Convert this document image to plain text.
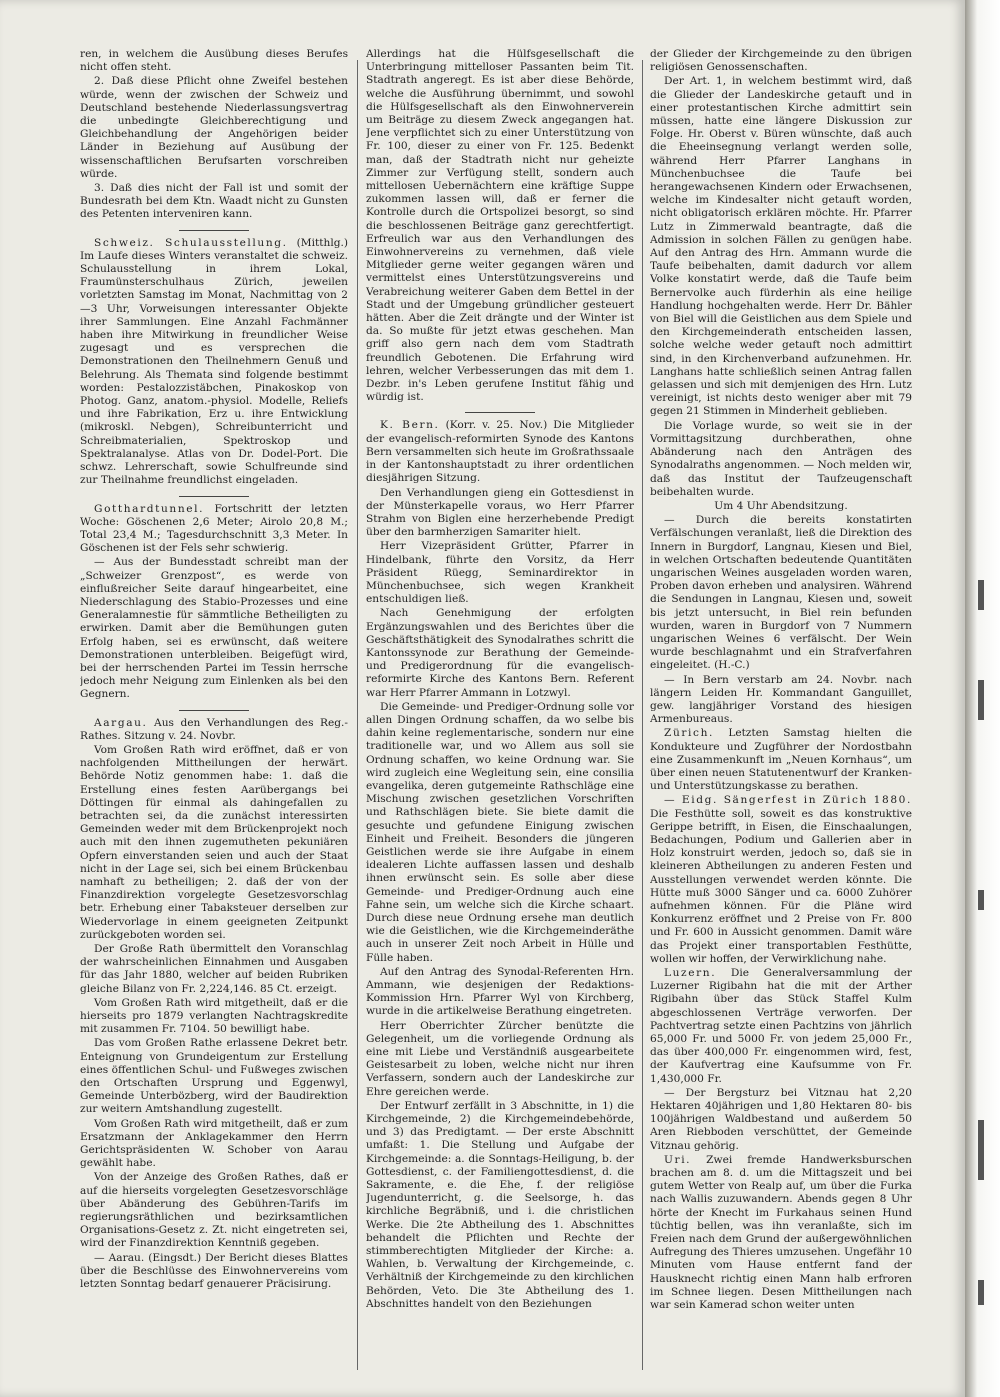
ren, in welchem die Ausübung dieses Berufes nicht offen steht.

2. Daß diese Pflicht ohne Zweifel bestehen würde, wenn der zwischen der Schweiz und Deutschland bestehende Niederlassungsvertrag die unbedingte Gleichberechtigung und Gleichbehandlung der Angehörigen beider Länder in Beziehung auf Ausübung der wissenschaftlichen Berufsarten vorschreiben würde.

3. Daß dies nicht der Fall ist und somit der Bundesrath bei dem Ktn. Waadt nicht zu Gunsten des Petenten interveniren kann.

Schweiz. Schulausstellung. (Mitthlg.) Im Laufe dieses Winters veranstaltet die schweiz. Schulausstellung in ihrem Lokal, Fraumünsterschulhaus Zürich, jeweilen vorletzten Samstag im Monat, Nachmittag von 2—3 Uhr, Vorweisungen interessanter Objekte ihrer Sammlungen. Eine Anzahl Fachmänner haben ihre Mitwirkung in freundlicher Weise zugesagt und es versprechen die Demonstrationen den Theilnehmern Genuß und Belehrung. Als Themata sind folgende bestimmt worden: Pestalozzistäbchen, Pinakoskop von Photog. Ganz, anatom.-physiol. Modelle, Reliefs und ihre Fabrikation, Erz u. ihre Entwicklung (mikroskl. Nebgen), Schreibunterricht und Schreibmaterialien, Spektroskop und Spektralanalyse. Atlas von Dr. Dodel-Port. Die schwz. Lehrerschaft, sowie Schulfreunde sind zur Theilnahme freundlichst eingeladen.

Gotthardtunnel. Fortschritt der letzten Woche: Göschenen 2,6 Meter; Airolo 20,8 M.; Total 23,4 M.; Tagesdurchschnitt 3,3 Meter. In Göschenen ist der Fels sehr schwierig.

— Aus der Bundesstadt schreibt man der „Schweizer Grenzpost“, es werde von einflußreicher Seite darauf hingearbeitet, eine Niederschlagung des Stabio-Prozesses und eine Generalamnestie für sämmtliche Betheiligten zu erwirken. Damit aber die Bemühungen guten Erfolg haben, sei es erwünscht, daß weitere Demonstrationen unterbleiben. Beigefügt wird, bei der herrschenden Partei im Tessin herrsche jedoch mehr Neigung zum Einlenken als bei den Gegnern.

Aargau. Aus den Verhandlungen des Reg.-Rathes. Sitzung v. 24. Novbr.

Vom Großen Rath wird eröffnet, daß er von nachfolgenden Mittheilungen der herwärt. Behörde Notiz genommen habe: 1. daß die Erstellung eines festen Aarübergangs bei Döttingen für einmal als dahingefallen zu betrachten sei, da die zunächst interessirten Gemeinden weder mit dem Brückenprojekt noch auch mit den ihnen zugemutheten pekuniären Opfern einverstanden seien und auch der Staat nicht in der Lage sei, sich bei einem Brückenbau namhaft zu betheiligen; 2. daß der von der Finanzdirektion vorgelegte Gesetzesvorschlag betr. Erhebung einer Tabaksteuer derselben zur Wiedervorlage in einem geeigneten Zeitpunkt zurückgeboten worden sei.

Der Große Rath übermittelt den Voranschlag der wahrscheinlichen Einnahmen und Ausgaben für das Jahr 1880, welcher auf beiden Rubriken gleiche Bilanz von Fr. 2,224,146. 85 Ct. erzeigt.

Vom Großen Rath wird mitgetheilt, daß er die hierseits pro 1879 verlangten Nachtragskredite mit zusammen Fr. 7104. 50 bewilligt habe.

Das vom Großen Rathe erlassene Dekret betr. Enteignung von Grundeigentum zur Erstellung eines öffentlichen Schul- und Fußweges zwischen den Ortschaften Ursprung und Eggenwyl, Gemeinde Unterbözberg, wird der Baudirektion zur weitern Amtshandlung zugestellt.

Vom Großen Rath wird mitgetheilt, daß er zum Ersatzmann der Anklagekammer den Herrn Gerichtspräsidenten W. Schober von Aarau gewählt habe.

Von der Anzeige des Großen Rathes, daß er auf die hierseits vorgelegten Gesetzesvorschläge über Abänderung des Gebühren-Tarifs im regierungsräthlichen und bezirksamtlichen Organisations-Gesetz z. Zt. nicht eingetreten sei, wird der Finanzdirektion Kenntniß gegeben.

— Aarau. (Eingsdt.) Der Bericht dieses Blattes über die Beschlüsse des Einwohnervereins vom letzten Sonntag bedarf genauerer Präcisirung.

Allerdings hat die Hülfsgesellschaft die Unterbringung mittelloser Passanten beim Tit. Stadtrath angeregt. Es ist aber diese Behörde, welche die Ausführung übernimmt, und sowohl die Hülfsgesellschaft als den Einwohnerverein um Beiträge zu diesem Zweck angegangen hat. Jene verpflichtet sich zu einer Unterstützung von Fr. 100, dieser zu einer von Fr. 125. Bedenkt man, daß der Stadtrath nicht nur geheizte Zimmer zur Verfügung stellt, sondern auch mittellosen Uebernächtern eine kräftige Suppe zukommen lassen will, daß er ferner die Kontrolle durch die Ortspolizei besorgt, so sind die beschlossenen Beiträge ganz gerechtfertigt. Erfreulich war aus den Verhandlungen des Einwohnervereins zu vernehmen, daß viele Mitglieder gerne weiter gegangen wären und vermittelst eines Unterstützungsvereins und Verabreichung weiterer Gaben dem Bettel in der Stadt und der Umgebung gründlicher gesteuert hätten. Aber die Zeit drängte und der Winter ist da. So mußte für jetzt etwas geschehen. Man griff also gern nach dem vom Stadtrath freundlich Gebotenen. Die Erfahrung wird lehren, welcher Verbesserungen das mit dem 1. Dezbr. in's Leben gerufene Institut fähig und würdig ist.

K. Bern. (Korr. v. 25. Nov.) Die Mitglieder der evangelisch-reformirten Synode des Kantons Bern versammelten sich heute im Großrathssaale in der Kantonshauptstadt zu ihrer ordentlichen diesjährigen Sitzung.

Den Verhandlungen gieng ein Gottesdienst in der Münsterkapelle voraus, wo Herr Pfarrer Strahm von Biglen eine herzerhebende Predigt über den barmherzigen Samariter hielt.

Herr Vizepräsident Grütter, Pfarrer in Hindelbank, führte den Vorsitz, da Herr Präsident Rüegg, Seminardirektor in Münchenbuchsee, sich wegen Krankheit entschuldigen ließ.

Nach Genehmigung der erfolgten Ergänzungswahlen und des Berichtes über die Geschäftsthätigkeit des Synodalrathes schritt die Kantonssynode zur Berathung der Gemeinde- und Predigerordnung für die evangelisch-reformirte Kirche des Kantons Bern. Referent war Herr Pfarrer Ammann in Lotzwyl.

Die Gemeinde- und Prediger-Ordnung solle vor allen Dingen Ordnung schaffen, da wo selbe bis dahin keine reglementarische, sondern nur eine traditionelle war, und wo Allem aus soll sie Ordnung schaffen, wo keine Ordnung war. Sie wird zugleich eine Wegleitung sein, eine consilia evangelika, deren gutgemeinte Rathschläge eine Mischung zwischen gesetzlichen Vorschriften und Rathschlägen biete. Sie biete damit die gesuchte und gefundene Einigung zwischen Einheit und Freiheit. Besonders die jüngeren Geistlichen werde sie ihre Aufgabe in einem idealeren Lichte auffassen lassen und deshalb ihnen erwünscht sein. Es solle aber diese Gemeinde- und Prediger-Ordnung auch eine Fahne sein, um welche sich die Kirche schaart. Durch diese neue Ordnung ersehe man deutlich wie die Geistlichen, wie die Kirchgemeinderäthe auch in unserer Zeit noch Arbeit in Hülle und Fülle haben.

Auf den Antrag des Synodal-Referenten Hrn. Ammann, wie desjenigen der Redaktions-Kommission Hrn. Pfarrer Wyl von Kirchberg, wurde in die artikelweise Berathung eingetreten.

Herr Oberrichter Zürcher benützte die Gelegenheit, um die vorliegende Ordnung als eine mit Liebe und Verständniß ausgearbeitete Geistesarbeit zu loben, welche nicht nur ihren Verfassern, sondern auch der Landeskirche zur Ehre gereichen werde.

Der Entwurf zerfällt in 3 Abschnitte, in 1) die Kirchgemeinde, 2) die Kirchgemeindebehörde, und 3) das Predigtamt. — Der erste Abschnitt umfaßt: 1. Die Stellung und Aufgabe der Kirchgemeinde: a. die Sonntags-Heiligung, b. der Gottesdienst, c. der Familiengottesdienst, d. die Sakramente, e. die Ehe, f. der religiöse Jugendunterricht, g. die Seelsorge, h. das kirchliche Begräbniß, und i. die christlichen Werke. Die 2te Abtheilung des 1. Abschnittes behandelt die Pflichten und Rechte der stimmberechtigten Mitglieder der Kirche: a. Wahlen, b. Verwaltung der Kirchgemeinde, c. Verhältniß der Kirchgemeinde zu den kirchlichen Behörden, Veto. Die 3te Abtheilung des 1. Abschnittes handelt von den Beziehungen

der Glieder der Kirchgemeinde zu den übrigen religiösen Genossenschaften.

Der Art. 1, in welchem bestimmt wird, daß die Glieder der Landeskirche getauft und in einer protestantischen Kirche admittirt sein müssen, hatte eine längere Diskussion zur Folge. Hr. Oberst v. Büren wünschte, daß auch die Eheeinsegnung verlangt werden solle, während Herr Pfarrer Langhans in Münchenbuchsee die Taufe bei herangewachsenen Kindern oder Erwachsenen, welche im Kindesalter nicht getauft worden, nicht obligatorisch erklären möchte. Hr. Pfarrer Lutz in Zimmerwald beantragte, daß die Admission in solchen Fällen zu genügen habe. Auf den Antrag des Hrn. Ammann wurde die Taufe beibehalten, damit dadurch vor allem Volke konstatirt werde, daß die Taufe beim Bernervolke auch fürderhin als eine heilige Handlung hochgehalten werde. Herr Dr. Bähler von Biel will die Geistlichen aus dem Spiele und den Kirchgemeinderath entscheiden lassen, solche welche weder getauft noch admittirt sind, in den Kirchenverband aufzunehmen. Hr. Langhans hatte schließlich seinen Antrag fallen gelassen und sich mit demjenigen des Hrn. Lutz vereinigt, ist nichts desto weniger aber mit 79 gegen 21 Stimmen in Minderheit geblieben.

Die Vorlage wurde, so weit sie in der Vormittagsitzung durchberathen, ohne Abänderung nach den Anträgen des Synodalraths angenommen. — Noch melden wir, daß das Institut der Taufzeugenschaft beibehalten wurde.

Um 4 Uhr Abendsitzung.

— Durch die bereits konstatirten Verfälschungen veranlaßt, ließ die Direktion des Innern in Burgdorf, Langnau, Kiesen und Biel, in welchen Ortschaften bedeutende Quantitäten ungarischen Weines ausgeladen worden waren, Proben davon erheben und analysiren. Während die Sendungen in Langnau, Kiesen und, soweit bis jetzt untersucht, in Biel rein befunden wurden, waren in Burgdorf von 7 Nummern ungarischen Weines 6 verfälscht. Der Wein wurde beschlagnahmt und ein Strafverfahren eingeleitet. (H.-C.)

— In Bern verstarb am 24. Novbr. nach längern Leiden Hr. Kommandant Ganguillet, gew. langjähriger Vorstand des hiesigen Armenbureaus.

Zürich. Letzten Samstag hielten die Kondukteure und Zugführer der Nordostbahn eine Zusammenkunft im „Neuen Kornhaus“, um über einen neuen Statutenentwurf der Kranken- und Unterstützungskasse zu berathen.

— Eidg. Sängerfest in Zürich 1880. Die Festhütte soll, soweit es das konstruktive Gerippe betrifft, in Eisen, die Einschaalungen, Bedachungen, Podium und Gallerien aber in Holz konstruirt werden, jedoch so, daß sie in kleineren Abtheilungen zu anderen Festen und Ausstellungen verwendet werden könnte. Die Hütte muß 3000 Sänger und ca. 6000 Zuhörer aufnehmen können. Für die Pläne wird Konkurrenz eröffnet und 2 Preise von Fr. 800 und Fr. 600 in Aussicht genommen. Damit wäre das Projekt einer transportablen Festhütte, wollen wir hoffen, der Verwirklichung nahe.

Luzern. Die Generalversammlung der Luzerner Rigibahn hat die mit der Arther Rigibahn über das Stück Staffel Kulm abgeschlossenen Verträge verworfen. Der Pachtvertrag setzte einen Pachtzins von jährlich 65,000 Fr. und 5000 Fr. von jedem 25,000 Fr., das über 400,000 Fr. eingenommen wird, fest, der Kaufvertrag eine Kaufsumme von Fr. 1,430,000 Fr.

— Der Bergsturz bei Vitznau hat 2,20 Hektaren 40jährigen und 1,80 Hektaren 80- bis 100jährigen Waldbestand und außerdem 50 Aren Riebboden verschüttet, der Gemeinde Vitznau gehörig.

Uri. Zwei fremde Handwerksburschen brachen am 8. d. um die Mittagszeit und bei gutem Wetter von Realp auf, um über die Furka nach Wallis zuzuwandern. Abends gegen 8 Uhr hörte der Knecht im Furkahaus seinen Hund tüchtig bellen, was ihn veranlaßte, sich im Freien nach dem Grund der außergewöhnlichen Aufregung des Thieres umzusehen. Ungefähr 10 Minuten vom Hause entfernt fand der Hausknecht richtig einen Mann halb erfroren im Schnee liegen. Desen Mittheilungen nach war sein Kamerad schon weiter unten
